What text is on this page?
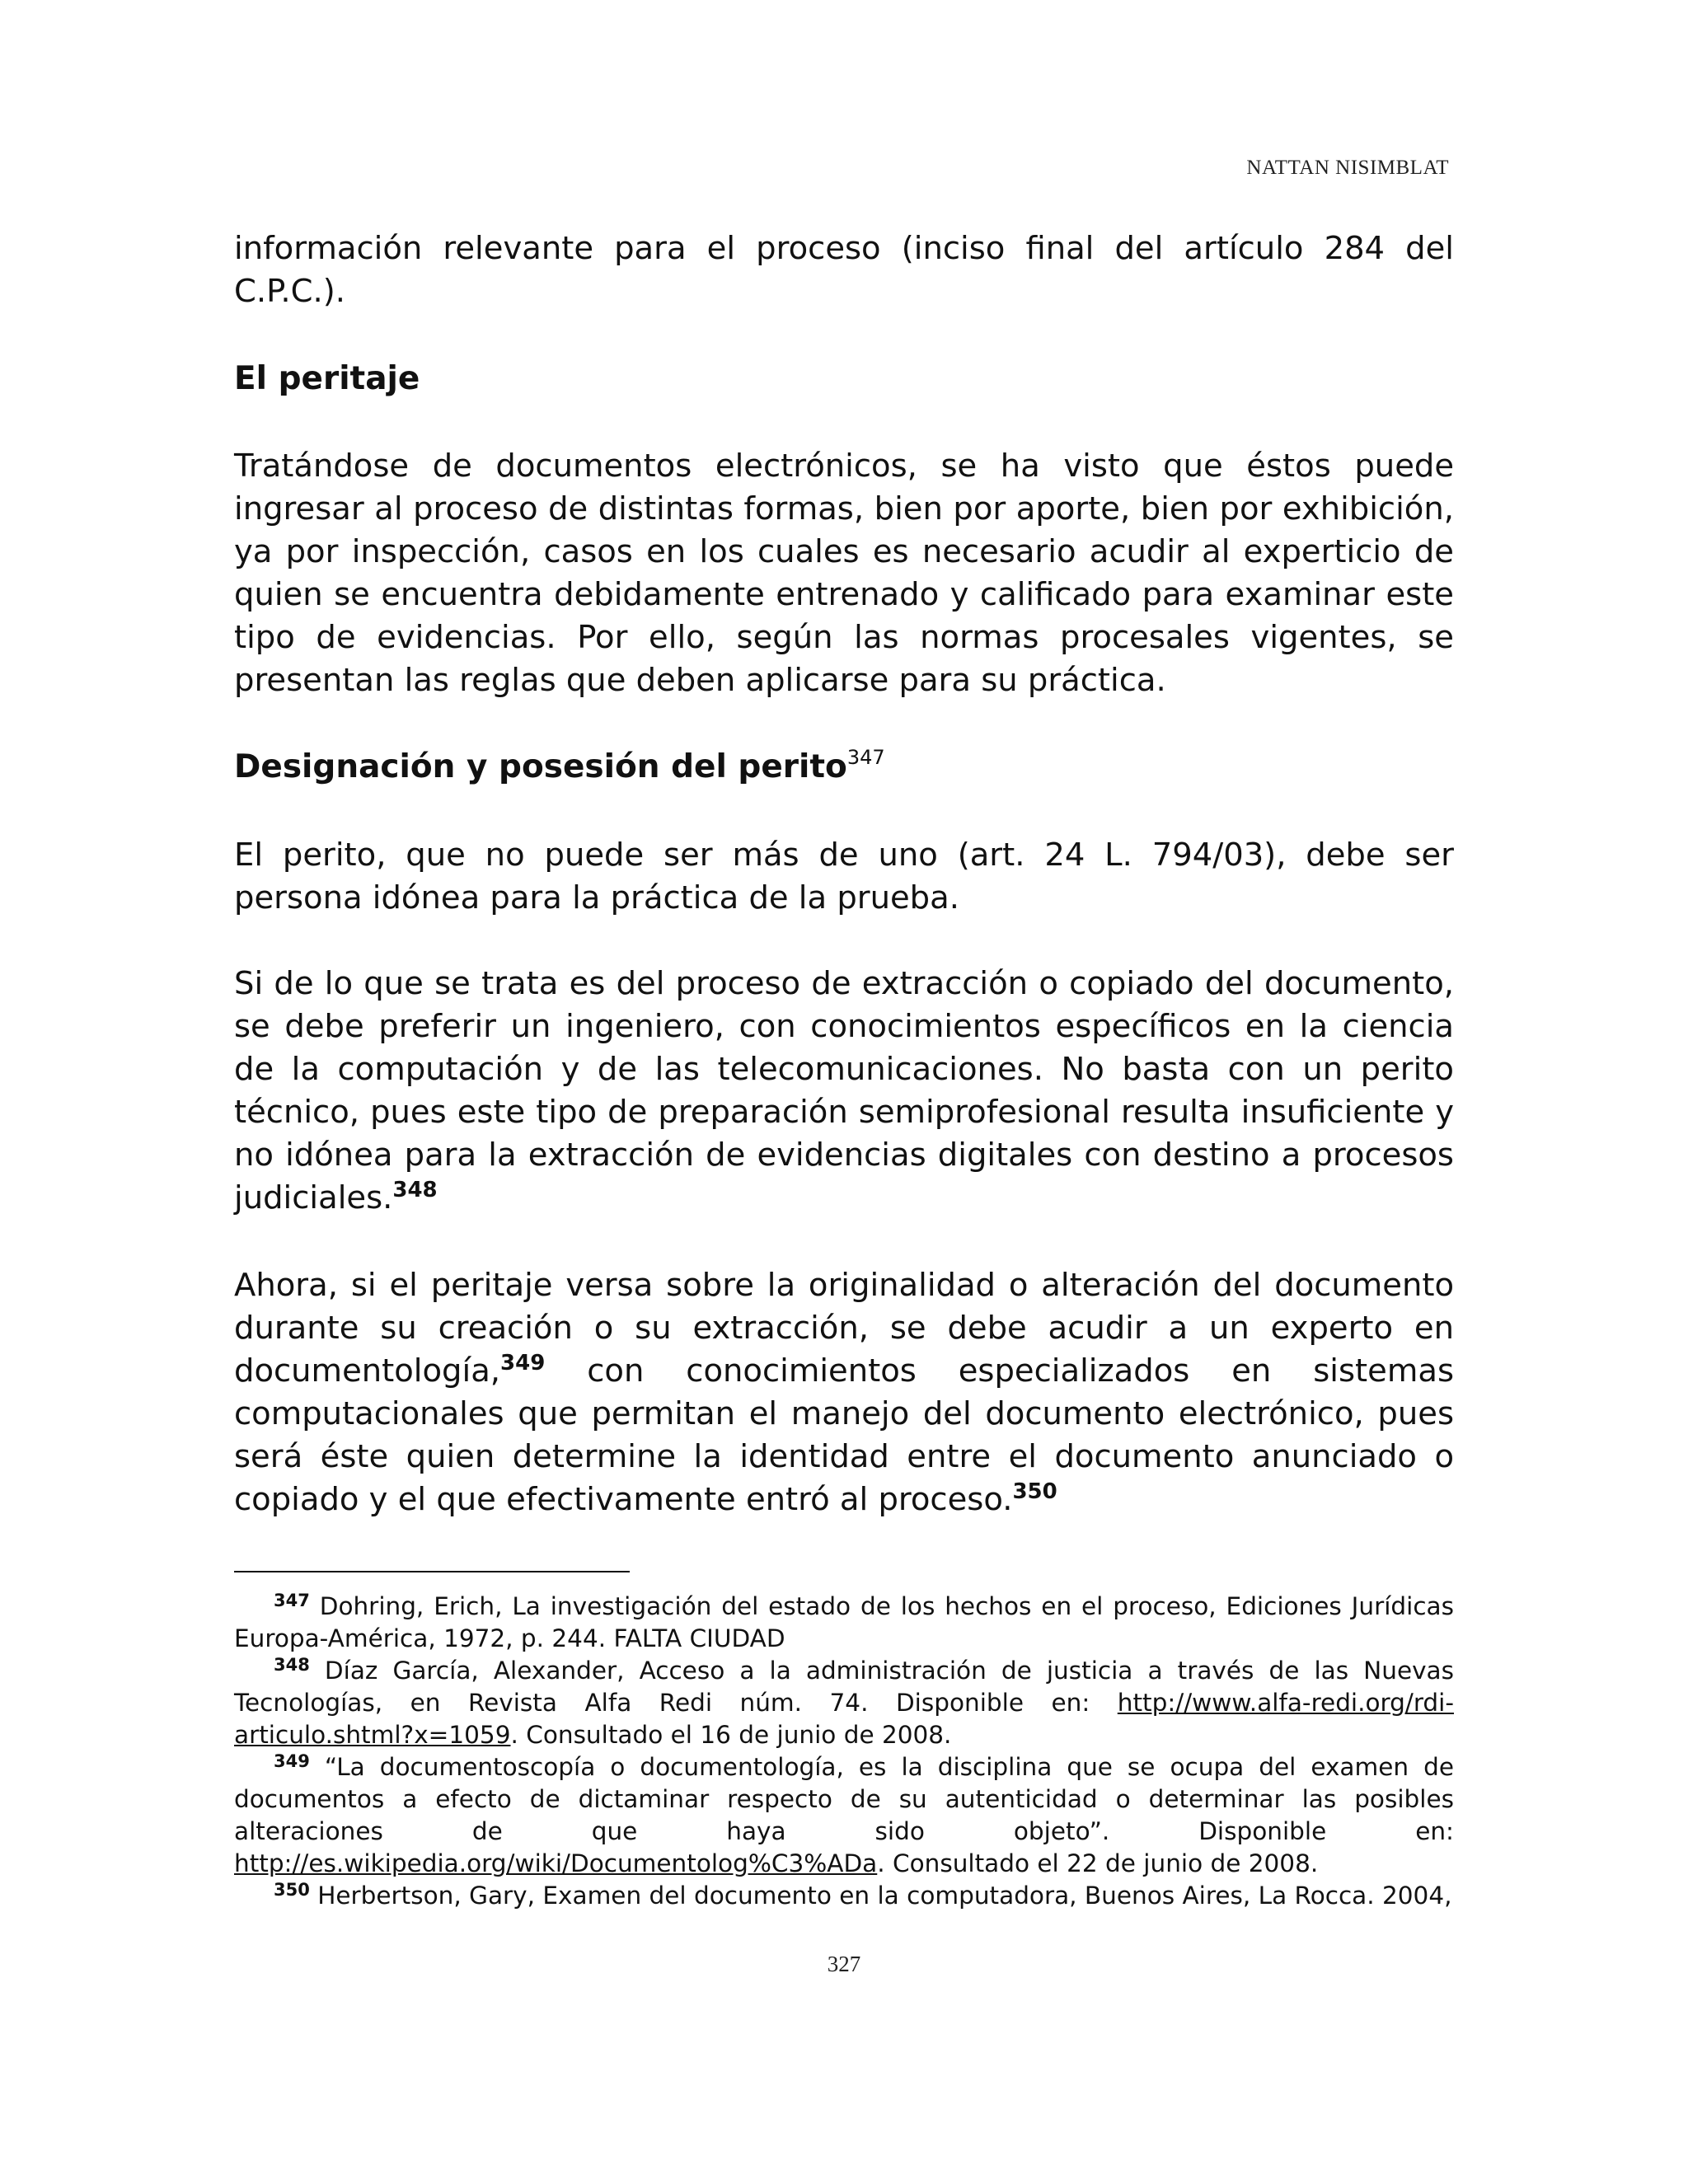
NATTAN NISIMBLAT
información relevante para el proceso (inciso final del artículo 284 del C.P.C.).
El peritaje
Tratándose de documentos electrónicos, se ha visto que éstos puede ingresar al proceso de distintas formas, bien por aporte, bien por exhibición, ya por inspección, casos en los cuales es necesario acudir al experticio de quien se encuentra debidamente entrenado y calificado para examinar este tipo de evidencias. Por ello, según las normas procesales vigentes, se presentan las reglas que deben aplicarse para su práctica.
Designación y posesión del perito$^{347}$
El perito, que no puede ser más de uno (art. 24 L. 794/03), debe ser persona idónea para la práctica de la prueba.
Si de lo que se trata es del proceso de extracción o copiado del documento, se debe preferir un ingeniero, con conocimientos específicos en la ciencia de la computación y de las telecomunicaciones. No basta con un perito técnico, pues este tipo de preparación semiprofesional resulta insuficiente y no idónea para la extracción de evidencias digitales con destino a procesos judiciales.$^{348}$
Ahora, si el peritaje versa sobre la originalidad o alteración del documento durante su creación o su extracción, se debe acudir a un experto en documentología,$^{349}$ con conocimientos especializados en sistemas computacionales que permitan el manejo del documento electrónico, pues será éste quien determine la identidad entre el documento anunciado o copiado y el que efectivamente entró al proceso.$^{350}$

$^{347}$ Dohring, Erich, La investigación del estado de los hechos en el proceso, Ediciones Jurídicas Europa-América, 1972, p. 244. FALTA CIUDAD

$^{348}$ Díaz García, Alexander, Acceso a la administración de justicia a través de las Nuevas Tecnologías, en Revista Alfa Redi núm. 74. Disponible en: http://www.alfa-redi.org/rdi-articulo.shtml?x=1059. Consultado el 16 de junio de 2008.

$^{349}$ “La documentoscopía o documentología, es la disciplina que se ocupa del examen de documentos a efecto de dictaminar respecto de su autenticidad o determinar las posibles alteraciones de que haya sido objeto”. Disponible en: http://es.wikipedia.org/wiki/Documentolog%C3%ADa. Consultado el 22 de junio de 2008.

$^{350}$ Herbertson, Gary, Examen del documento en la computadora, Buenos Aires, La Rocca. 2004,

327
